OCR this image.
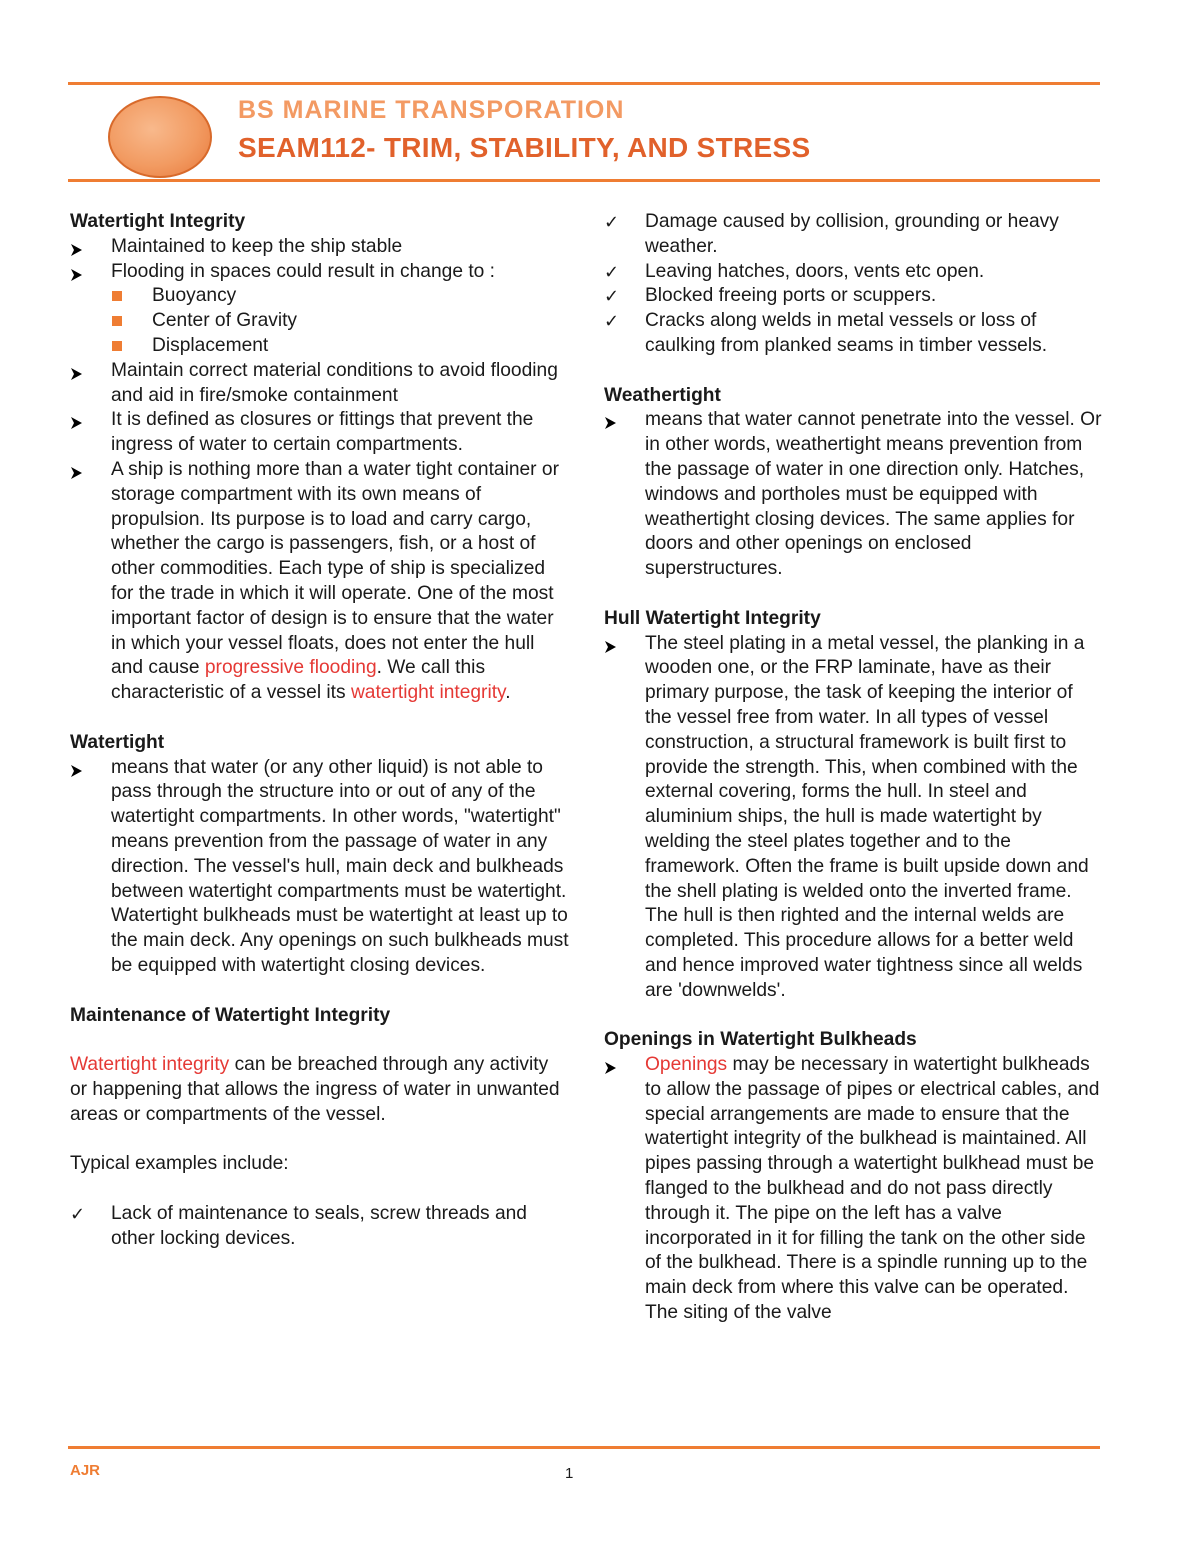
BS MARINE TRANSPORATION
SEAM112- TRIM, STABILITY, AND STRESS
Watertight Integrity
Maintained to keep the ship stable
Flooding in spaces could result in change to :
Buoyancy
Center of Gravity
Displacement
Maintain correct material conditions to avoid flooding and aid in fire/smoke containment
It is defined as closures or fittings that prevent the ingress of water to certain compartments.
A ship is nothing more than a water tight container or storage compartment with its own means of propulsion. Its purpose is to load and carry cargo, whether the cargo is passengers, fish, or a host of other commodities. Each type of ship is specialized for the trade in which it will operate. One of the most important factor of design is to ensure that the water in which your vessel floats, does not enter the hull and cause progressive flooding. We call this characteristic of a vessel its watertight integrity.
Watertight
means that water (or any other liquid) is not able to pass through the structure into or out of any of the watertight compartments. In other words, "watertight" means prevention from the passage of water in any direction. The vessel's hull, main deck and bulkheads between watertight compartments must be watertight. Watertight bulkheads must be watertight at least up to the main deck. Any openings on such bulkheads must be equipped with watertight closing devices.
Maintenance of Watertight Integrity
Watertight integrity can be breached through any activity or happening that allows the ingress of water in unwanted areas or compartments of the vessel.
Typical examples include:
✓	Lack of maintenance to seals, screw threads and other locking devices.
✓	Damage caused by collision, grounding or heavy weather.
✓	Leaving hatches, doors, vents etc open.
✓	Blocked freeing ports or scuppers.
✓	Cracks along welds in metal vessels or loss of caulking from planked seams in timber vessels.
Weathertight
means that water cannot penetrate into the vessel. Or in other words, weathertight means prevention from the passage of water in one direction only. Hatches, windows and portholes must be equipped with weathertight closing devices. The same applies for doors and other openings on enclosed superstructures.
Hull Watertight Integrity
The steel plating in a metal vessel, the planking in a wooden one, or the FRP laminate, have as their primary purpose, the task of keeping the interior of the vessel free from water. In all types of vessel construction, a structural framework is built first to provide the strength. This, when combined with the external covering, forms the hull. In steel and aluminium ships, the hull is made watertight by welding the steel plates together and to the framework. Often the frame is built upside down and the shell plating is welded onto the inverted frame. The hull is then righted and the internal welds are completed. This procedure allows for a better weld and hence improved water tightness since all welds are 'downwelds'.
Openings in Watertight Bulkheads
Openings may be necessary in watertight bulkheads to allow the passage of pipes or electrical cables, and special arrangements are made to ensure that the watertight integrity of the bulkhead is maintained. All pipes passing through a watertight bulkhead must be flanged to the bulkhead and do not pass directly through it. The pipe on the left has a valve incorporated in it for filling the tank on the other side of the bulkhead. There is a spindle running up to the main deck from where this valve can be operated. The siting of the valve
AJR	1
